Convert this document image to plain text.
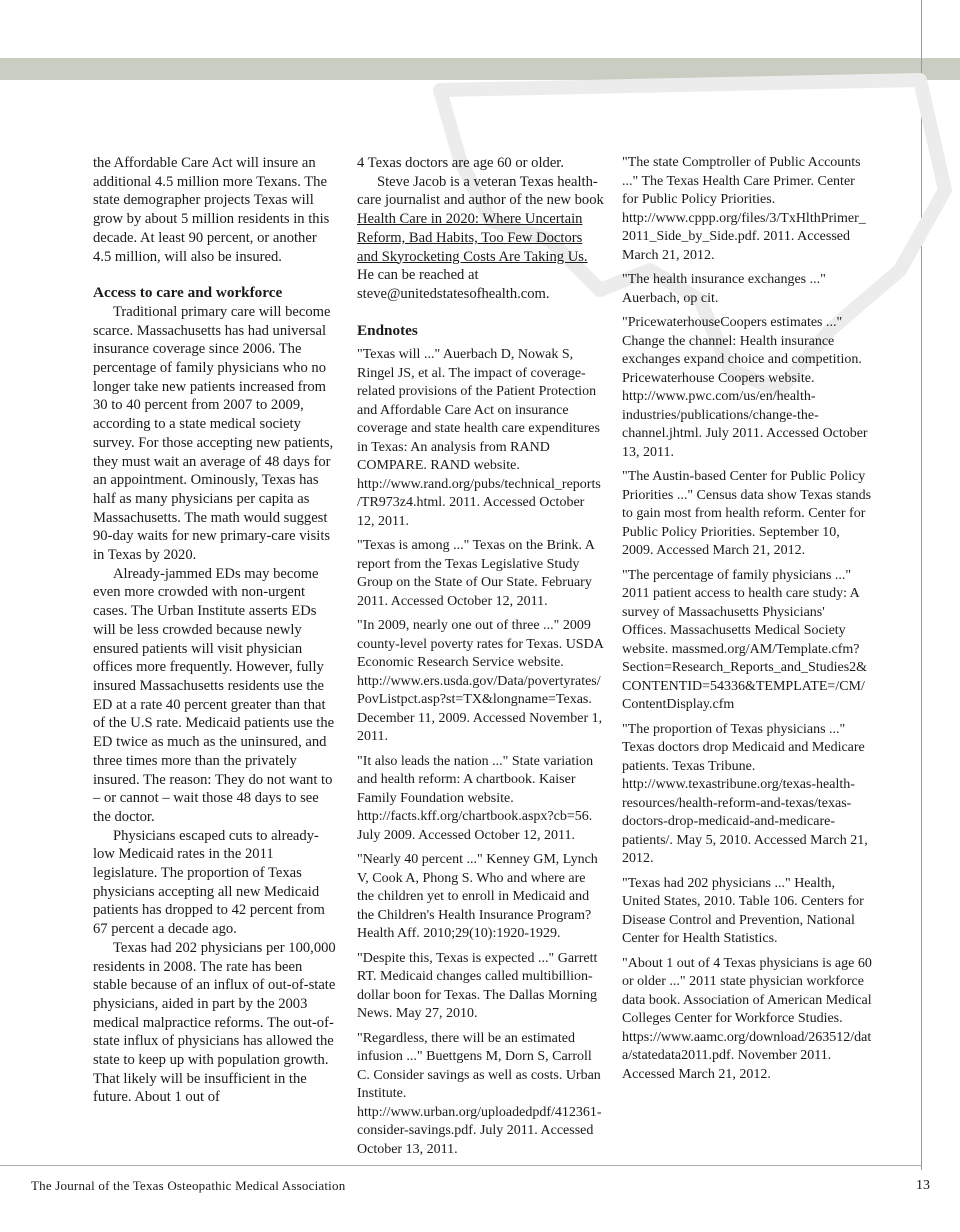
the Affordable Care Act will insure an additional 4.5 million more Texans. The state demographer projects Texas will grow by about 5 million residents in this decade. At least 90 percent, or another 4.5 million, will also be insured.

Access to care and workforce

Traditional primary care will become scarce. Massachusetts has had universal insurance coverage since 2006. The percentage of family physicians who no longer take new patients increased from 30 to 40 percent from 2007 to 2009, according to a state medical society survey. For those accepting new patients, they must wait an average of 48 days for an appointment. Ominously, Texas has half as many physicians per capita as Massachusetts. The math would suggest 90-day waits for new primary-care visits in Texas by 2020.

Already-jammed EDs may become even more crowded with non-urgent cases. The Urban Institute asserts EDs will be less crowded because newly ensured patients will visit physician offices more frequently. However, fully insured Massachusetts residents use the ED at a rate 40 percent greater than that of the U.S rate. Medicaid patients use the ED twice as much as the uninsured, and three times more than the privately insured. The reason: They do not want to – or cannot – wait those 48 days to see the doctor.

Physicians escaped cuts to already-low Medicaid rates in the 2011 legislature. The proportion of Texas physicians accepting all new Medicaid patients has dropped to 42 percent from 67 percent a decade ago.

Texas had 202 physicians per 100,000 residents in 2008. The rate has been stable because of an influx of out-of-state physicians, aided in part by the 2003 medical malpractice reforms. The out-of-state influx of physicians has allowed the state to keep up with population growth. That likely will be insufficient in the future. About 1 out of

4 Texas doctors are age 60 or older.

Steve Jacob is a veteran Texas health-care journalist and author of the new book Health Care in 2020: Where Uncertain Reform, Bad Habits, Too Few Doctors and Skyrocketing Costs Are Taking Us. He can be reached at steve@unitedstatesofhealth.com.

Endnotes

"Texas will ..." Auerbach D, Nowak S, Ringel JS, et al. The impact of coverage-related provisions of the Patient Protection and Affordable Care Act on insurance coverage and state health care expenditures in Texas: An analysis from RAND COMPARE. RAND website. http://www.rand.org/pubs/technical_reports/TR973z4.html. 2011. Accessed October 12, 2011.

"Texas is among ..." Texas on the Brink. A report from the Texas Legislative Study Group on the State of Our State. February 2011. Accessed October 12, 2011.

"In 2009, nearly one out of three ..." 2009 county-level poverty rates for Texas. USDA Economic Research Service website. http://www.ers.usda.gov/Data/povertyrates/PovListpct.asp?st=TX&longname=Texas. December 11, 2009. Accessed November 1, 2011.

"It also leads the nation ..." State variation and health reform: A chartbook. Kaiser Family Foundation website. http://facts.kff.org/chartbook.aspx?cb=56. July 2009. Accessed October 12, 2011.

"Nearly 40 percent ..." Kenney GM, Lynch V, Cook A, Phong S. Who and where are the children yet to enroll in Medicaid and the Children's Health Insurance Program? Health Aff. 2010;29(10):1920-1929.

"Despite this, Texas is expected ..." Garrett RT. Medicaid changes called multibillion-dollar boon for Texas. The Dallas Morning News. May 27, 2010.

"Regardless, there will be an estimated infusion ..." Buettgens M, Dorn S, Carroll C. Consider savings as well as costs. Urban Institute. http://www.urban.org/uploadedpdf/412361-consider-savings.pdf. July 2011. Accessed October 13, 2011.

"The state Comptroller of Public Accounts ..." The Texas Health Care Primer. Center for Public Policy Priorities. http://www.cppp.org/files/3/TxHlthPrimer_2011_Side_by_Side.pdf. 2011. Accessed March 21, 2012.

"The health insurance exchanges ..." Auerbach, op cit.

"PricewaterhouseCoopers estimates ..." Change the channel: Health insurance exchanges expand choice and competition. Pricewaterhouse Coopers website. http://www.pwc.com/us/en/health-industries/publications/change-the-channel.jhtml. July 2011. Accessed October 13, 2011.

"The Austin-based Center for Public Policy Priorities ..." Census data show Texas stands to gain most from health reform. Center for Public Policy Priorities. September 10, 2009. Accessed March 21, 2012.

"The percentage of family physicians ..." 2011 patient access to health care study: A survey of Massachusetts Physicians' Offices. Massachusetts Medical Society website. massmed.org/AM/Template.cfm?Section=Research_Reports_and_Studies2&CONTENTID=54336&TEMPLATE=/CM/ContentDisplay.cfm

"The proportion of Texas physicians ..." Texas doctors drop Medicaid and Medicare patients. Texas Tribune. http://www.texastribune.org/texas-health-resources/health-reform-and-texas/texas-doctors-drop-medicaid-and-medicare-patients/. May 5, 2010. Accessed March 21, 2012.

"Texas had 202 physicians ..." Health, United States, 2010. Table 106. Centers for Disease Control and Prevention, National Center for Health Statistics.

"About 1 out of 4 Texas physicians is age 60 or older ..." 2011 state physician workforce data book. Association of American Medical Colleges Center for Workforce Studies. https://www.aamc.org/download/263512/data/statedata2011.pdf. November 2011. Accessed March 21, 2012.

The Journal of the Texas Osteopathic Medical Association	13
